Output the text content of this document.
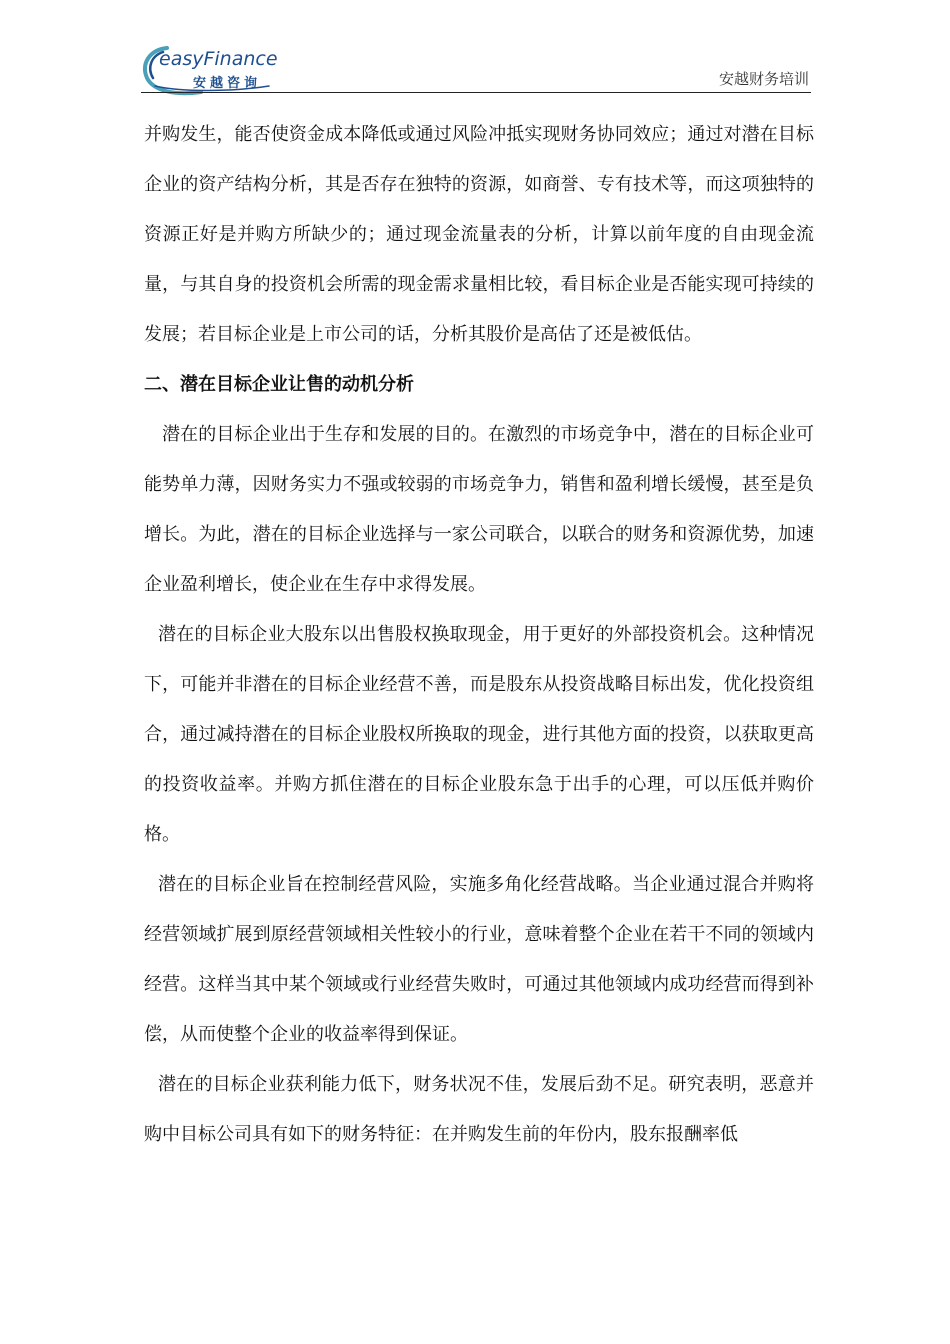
easyFinance
安越咨询	安越财务培训

并购发生，能否使资金成本降低或通过风险冲抵实现财务协同效应；通过对潜在目标企业的资产结构分析，其是否存在独特的资源，如商誉、专有技术等，而这项独特的资源正好是并购方所缺少的；通过现金流量表的分析，计算以前年度的自由现金流量，与其自身的投资机会所需的现金需求量相比较，看目标企业是否能实现可持续的发展；若目标企业是上市公司的话，分析其股价是高估了还是被低估。

二、潜在目标企业让售的动机分析

潜在的目标企业出于生存和发展的目的。在激烈的市场竞争中，潜在的目标企业可能势单力薄，因财务实力不强或较弱的市场竞争力，销售和盈利增长缓慢，甚至是负增长。为此，潜在的目标企业选择与一家公司联合，以联合的财务和资源优势，加速企业盈利增长，使企业在生存中求得发展。

潜在的目标企业大股东以出售股权换取现金，用于更好的外部投资机会。这种情况下，可能并非潜在的目标企业经营不善，而是股东从投资战略目标出发，优化投资组合，通过减持潜在的目标企业股权所换取的现金，进行其他方面的投资，以获取更高的投资收益率。并购方抓住潜在的目标企业股东急于出手的心理，可以压低并购价格。

潜在的目标企业旨在控制经营风险，实施多角化经营战略。当企业通过混合并购将经营领域扩展到原经营领域相关性较小的行业，意味着整个企业在若干不同的领域内经营。这样当其中某个领域或行业经营失败时，可通过其他领域内成功经营而得到补偿，从而使整个企业的收益率得到保证。

潜在的目标企业获利能力低下，财务状况不佳，发展后劲不足。研究表明，恶意并购中目标公司具有如下的财务特征：在并购发生前的年份内，股东报酬率低
